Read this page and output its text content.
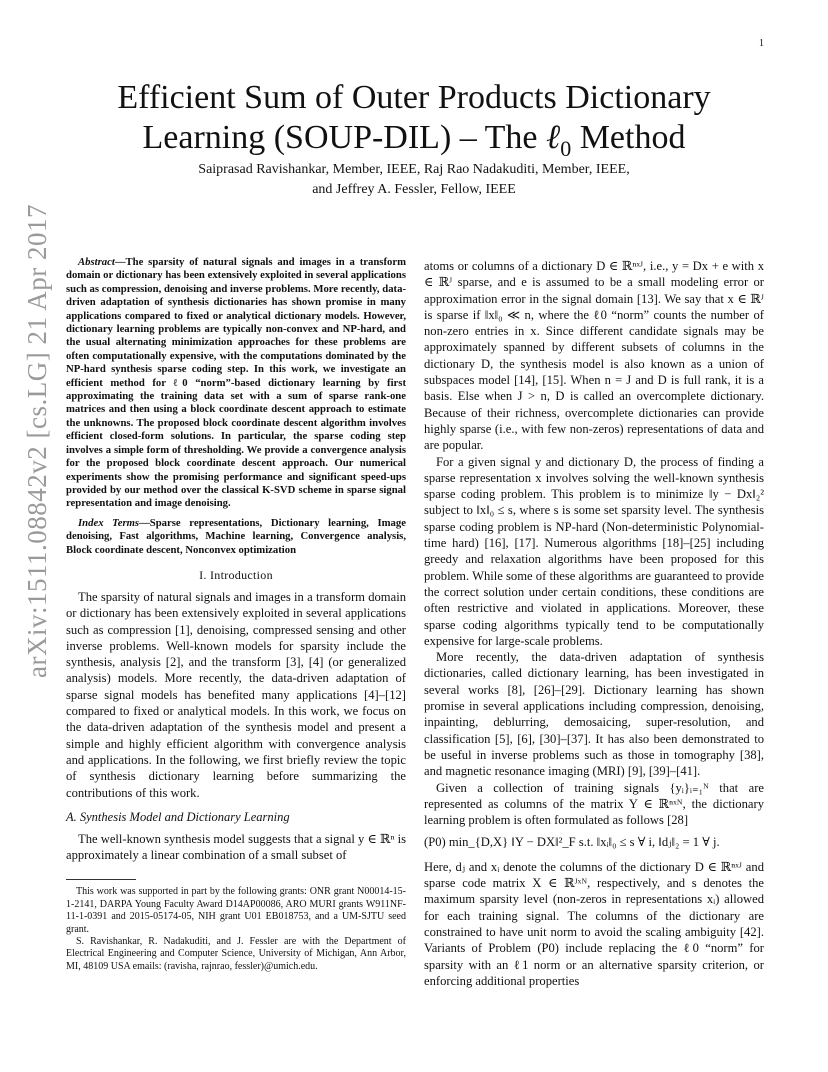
1
Efficient Sum of Outer Products Dictionary
Learning (SOUP-DIL) – The ℓ$_0$ Method
Saiprasad Ravishankar, Member, IEEE, Raj Rao Nadakuditi, Member, IEEE,
and Jeffrey A. Fessler, Fellow, IEEE
arXiv:1511.08842v2 [cs.LG] 21 Apr 2017	Abstract—The sparsity of natural signals and images in a transform domain or dictionary has been extensively exploited in several applications such as compression, denoising and inverse problems. More recently, data-driven adaptation of synthesis dictionaries has shown promise in many applications compared to fixed or analytical dictionary models. However, dictionary learning problems are typically non-convex and NP-hard, and the usual alternating minimization approaches for these problems are often computationally expensive, with the computations dominated by the NP-hard synthesis sparse coding step. In this work, we investigate an efficient method for ℓ0 “norm”-based dictionary learning by first approximating the training data set with a sum of sparse rank-one matrices and then using a block coordinate descent approach to estimate the unknowns. The proposed block coordinate descent algorithm involves efficient closed-form solutions. In particular, the sparse coding step involves a simple form of thresholding. We provide a convergence analysis for the proposed block coordinate descent approach. Our numerical experiments show the promising performance and significant speed-ups provided by our method over the classical K-SVD scheme in sparse signal representation and image denoising.

Index Terms—Sparse representations, Dictionary learning, Image denoising, Fast algorithms, Machine learning, Convergence analysis, Block coordinate descent, Nonconvex optimization

I. Introduction

The sparsity of natural signals and images in a transform domain or dictionary has been extensively exploited in several applications such as compression [1], denoising, compressed sensing and other inverse problems. Well-known models for sparsity include the synthesis, analysis [2], and the transform [3], [4] (or generalized analysis) models. More recently, the data-driven adaptation of sparse signal models has benefited many applications [4]–[12] compared to fixed or analytical models. In this work, we focus on the data-driven adaptation of the synthesis model and present a simple and highly efficient algorithm with convergence analysis and applications. In the following, we first briefly review the topic of synthesis dictionary learning before summarizing the contributions of this work.

A. Synthesis Model and Dictionary Learning

The well-known synthesis model suggests that a signal y ∈ ℝⁿ is approximately a linear combination of a small subset of

This work was supported in part by the following grants: ONR grant N00014-15-1-2141, DARPA Young Faculty Award D14AP00086, ARO MURI grants W911NF-11-1-0391 and 2015-05174-05, NIH grant U01 EB018753, and a UM-SJTU seed grant.

S. Ravishankar, R. Nadakuditi, and J. Fessler are with the Department of Electrical Engineering and Computer Science, University of Michigan, Ann Arbor, MI, 48109 USA emails: (ravisha, rajnrao, fessler)@umich.edu.

atoms or columns of a dictionary D ∈ ℝⁿˣᴶ, i.e., y = Dx + e with x ∈ ℝᴶ sparse, and e is assumed to be a small modeling error or approximation error in the signal domain [13]. We say that x ∈ ℝᴶ is sparse if ‖x‖₀ ≪ n, where the ℓ0 “norm” counts the number of non-zero entries in x. Since different candidate signals may be approximately spanned by different subsets of columns in the dictionary D, the synthesis model is also known as a union of subspaces model [14], [15]. When n = J and D is full rank, it is a basis. Else when J > n, D is called an overcomplete dictionary. Because of their richness, overcomplete dictionaries can provide highly sparse (i.e., with few non-zeros) representations of data and are popular.

For a given signal y and dictionary D, the process of finding a sparse representation x involves solving the well-known synthesis sparse coding problem. This problem is to minimize ‖y − Dx‖₂² subject to ‖x‖₀ ≤ s, where s is some set sparsity level. The synthesis sparse coding problem is NP-hard (Non-deterministic Polynomial-time hard) [16], [17]. Numerous algorithms [18]–[25] including greedy and relaxation algorithms have been proposed for this problem. While some of these algorithms are guaranteed to provide the correct solution under certain conditions, these conditions are often restrictive and violated in applications. Moreover, these sparse coding algorithms typically tend to be computationally expensive for large-scale problems.

More recently, the data-driven adaptation of synthesis dictionaries, called dictionary learning, has been investigated in several works [8], [26]–[29]. Dictionary learning has shown promise in several applications including compression, denoising, inpainting, deblurring, demosaicing, super-resolution, and classification [5], [6], [30]–[37]. It has also been demonstrated to be useful in inverse problems such as those in tomography [38], and magnetic resonance imaging (MRI) [9], [39]–[41].

Given a collection of training signals {yᵢ}ᵢ₌₁ᴺ that are represented as columns of the matrix Y ∈ ℝⁿˣᴺ, the dictionary learning problem is often formulated as follows [28]

(P0) min_{D,X} ‖Y − DX‖²_F s.t. ‖xᵢ‖₀ ≤ s ∀ i, ‖dⱼ‖₂ = 1 ∀ j.

Here, dⱼ and xᵢ denote the columns of the dictionary D ∈ ℝⁿˣᴶ and sparse code matrix X ∈ ℝᴶˣᴺ, respectively, and s denotes the maximum sparsity level (non-zeros in representations xᵢ) allowed for each training signal. The columns of the dictionary are constrained to have unit norm to avoid the scaling ambiguity [42]. Variants of Problem (P0) include replacing the ℓ0 “norm” for sparsity with an ℓ1 norm or an alternative sparsity criterion, or enforcing additional properties
